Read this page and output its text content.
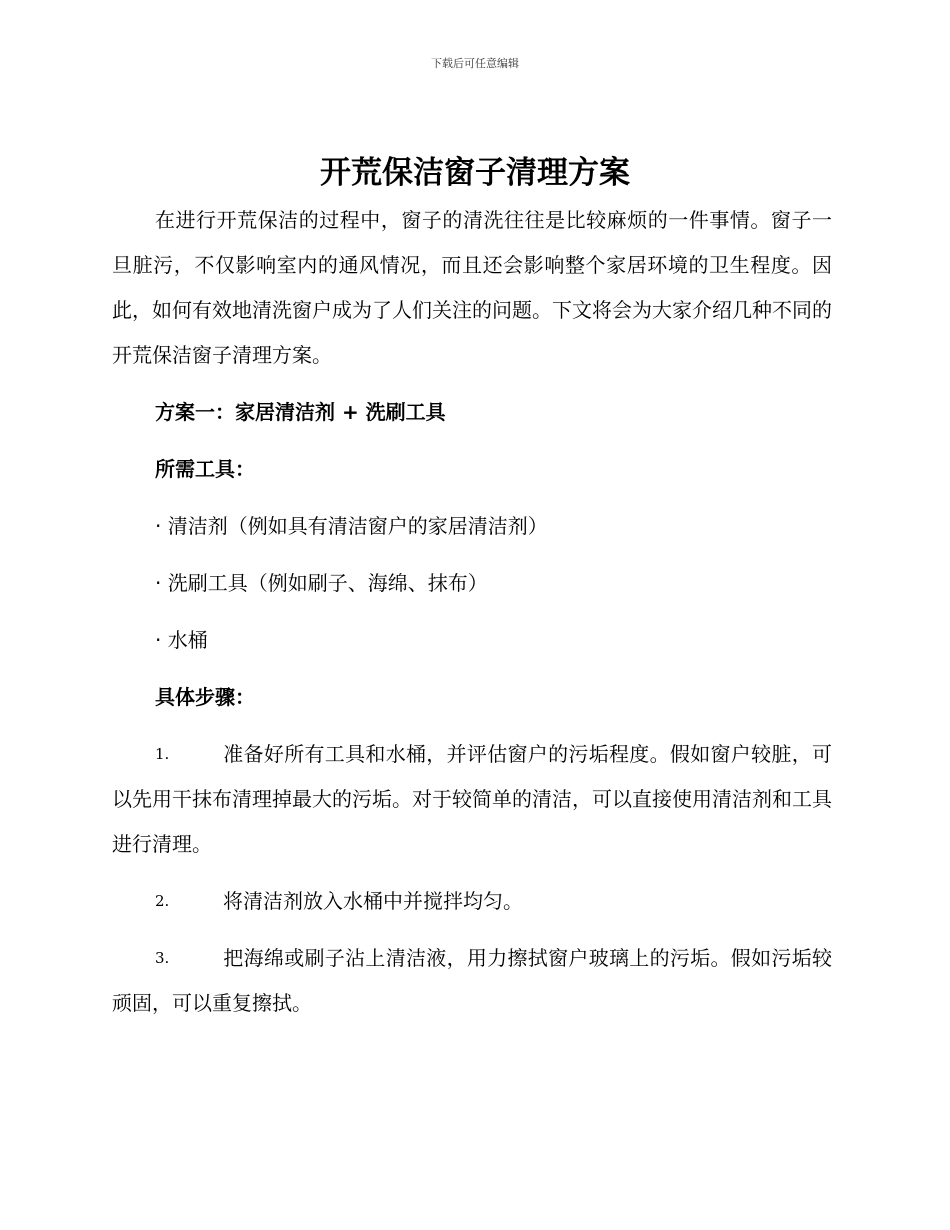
下载后可任意编辑
开荒保洁窗子清理方案

在进行开荒保洁的过程中，窗子的清洗往往是比较麻烦的一件事情。窗子一旦脏污，不仅影响室内的通风情况，而且还会影响整个家居环境的卫生程度。因此，如何有效地清洗窗户成为了人们关注的问题。下文将会为大家介绍几种不同的开荒保洁窗子清理方案。

方案一：家居清洁剂 + 洗刷工具

所需工具：

· 清洁剂（例如具有清洁窗户的家居清洁剂）

· 洗刷工具（例如刷子、海绵、抹布）

· 水桶

具体步骤：

1.	准备好所有工具和水桶，并评估窗户的污垢程度。假如窗户较脏，可以先用干抹布清理掉最大的污垢。对于较简单的清洁，可以直接使用清洁剂和工具进行清理。

2.	将清洁剂放入水桶中并搅拌均匀。

3.	把海绵或刷子沾上清洁液，用力擦拭窗户玻璃上的污垢。假如污垢较顽固，可以重复擦拭。
